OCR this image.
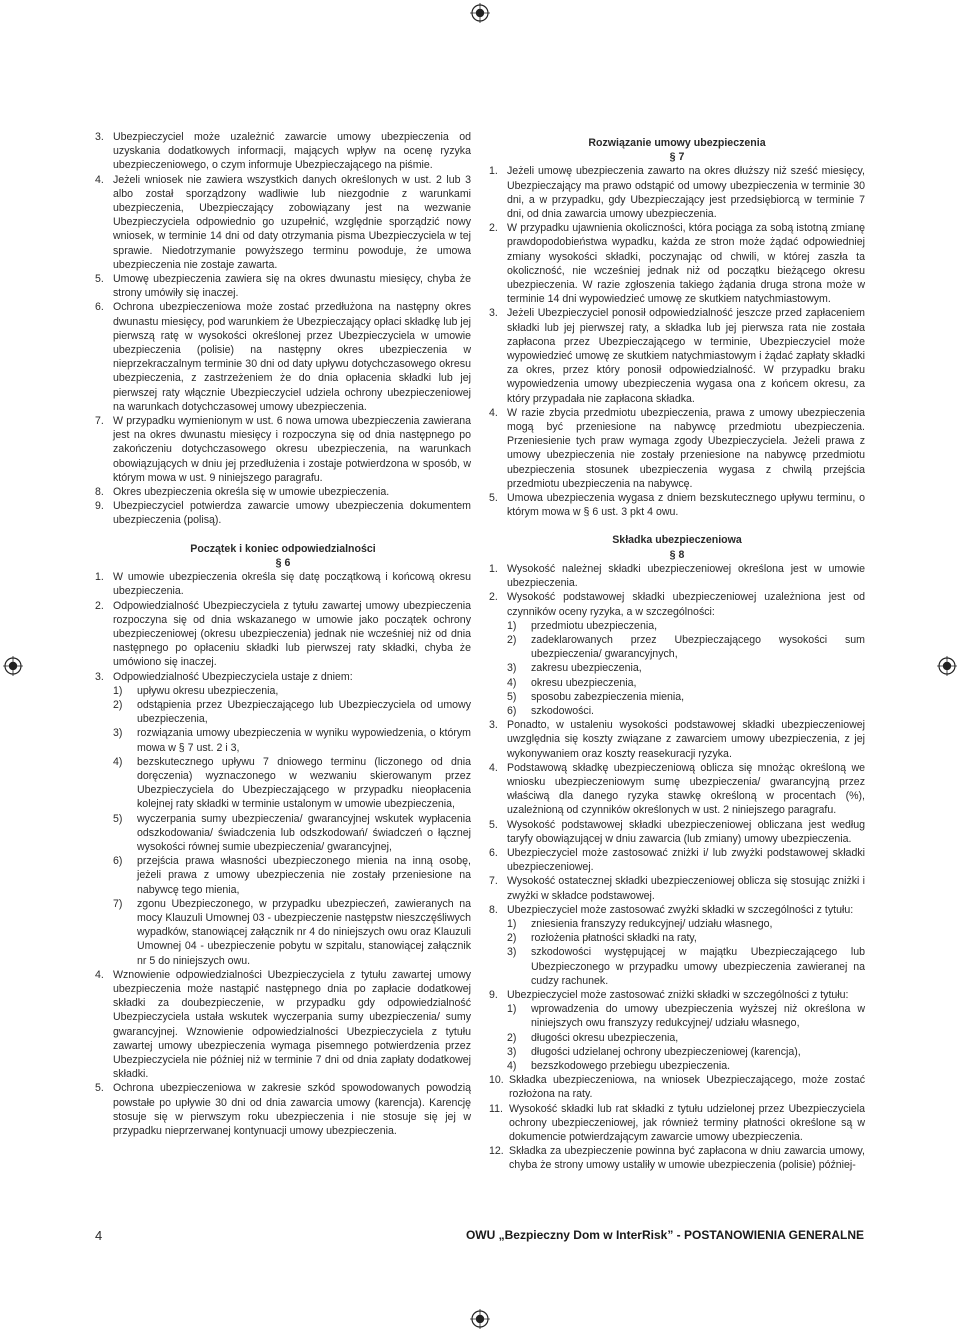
3. Ubezpieczyciel może uzależnić zawarcie umowy ubezpieczenia od uzyskania dodatkowych informacji, mających wpływ na ocenę ryzyka ubezpieczeniowego, o czym informuje Ubezpieczającego na piśmie.
4. Jeżeli wniosek nie zawiera wszystkich danych określonych w ust. 2 lub 3 albo został sporządzony wadliwie lub niezgodnie z warunkami ubezpieczenia, Ubezpieczający zobowiązany jest na wezwanie Ubezpieczyciela odpowiednio go uzupełnić, względnie sporządzić nowy wniosek, w terminie 14 dni od daty otrzymania pisma Ubezpieczyciela w tej sprawie. Niedotrzymanie powyższego terminu powoduje, że umowa ubezpieczenia nie zostaje zawarta.
5. Umowę ubezpieczenia zawiera się na okres dwunastu miesięcy, chyba że strony umówiły się inaczej.
6. Ochrona ubezpieczeniowa może zostać przedłużona na następny okres dwunastu miesięcy, pod warunkiem że Ubezpieczający opłaci składkę lub jej pierwszą ratę w wysokości określonej przez Ubezpieczyciela w umowie ubezpieczenia (polisie) na następny okres ubezpieczenia w nieprzekraczalnym terminie 30 dni od daty upływu dotychczasowego okresu ubezpieczenia, z zastrzeżeniem że do dnia opłacenia składki lub jej pierwszej raty włącznie Ubezpieczyciel udziela ochrony ubezpieczeniowej na warunkach dotychczasowej umowy ubezpieczenia.
7. W przypadku wymienionym w ust. 6 nowa umowa ubezpieczenia zawierana jest na okres dwunastu miesięcy i rozpoczyna się od dnia następnego po zakończeniu dotychczasowego okresu ubezpieczenia, na warunkach obowiązujących w dniu jej przedłużenia i zostaje potwierdzona w sposób, w którym mowa w ust. 9 niniejszego paragrafu.
8. Okres ubezpieczenia określa się w umowie ubezpieczenia.
9. Ubezpieczyciel potwierdza zawarcie umowy ubezpieczenia dokumentem ubezpieczenia (polisą).
Początek i koniec odpowiedzialności
§ 6
1. W umowie ubezpieczenia określa się datę początkową i końcową okresu ubezpieczenia.
2. Odpowiedzialność Ubezpieczyciela z tytułu zawartej umowy ubezpieczenia rozpoczyna się od dnia wskazanego w umowie jako początek ochrony ubezpieczeniowej (okresu ubezpieczenia) jednak nie wcześniej niż od dnia następnego po opłaceniu składki lub pierwszej raty składki, chyba że umówiono się inaczej.
3. Odpowiedzialność Ubezpieczyciela ustaje z dniem:
1)	upływu okresu ubezpieczenia,
2)	odstąpienia przez Ubezpieczającego lub Ubezpieczyciela od umowy ubezpieczenia,
3)	rozwiązania umowy ubezpieczenia w wyniku wypowiedzenia, o którym mowa w § 7 ust. 2 i 3,
4)	bezskutecznego upływu 7 dniowego terminu (liczonego od dnia doręczenia) wyznaczonego w wezwaniu skierowanym przez Ubezpieczyciela do Ubezpieczającego w przypadku nieopłacenia kolejnej raty składki w terminie ustalonym w umowie ubezpieczenia,
5)	wyczerpania sumy ubezpieczenia/ gwarancyjnej wskutek wypłacenia odszkodowania/ świadczenia lub odszkodowań/ świadczeń o łącznej wysokości równej sumie ubezpieczenia/ gwarancyjnej,
6)	przejścia prawa własności ubezpieczonego mienia na inną osobę, jeżeli prawa z umowy ubezpieczenia nie zostały przeniesione na nabywcę tego mienia,
7)	zgonu Ubezpieczonego, w przypadku ubezpieczeń, zawieranych na mocy Klauzuli Umownej 03 - ubezpieczenie następstw nieszczęśliwych wypadków, stanowiącej załącznik nr 4 do niniejszych owu oraz Klauzuli Umownej 04 - ubezpieczenie pobytu w szpitalu, stanowiącej załącznik nr 5 do niniejszych owu.
4. Wznowienie odpowiedzialności Ubezpieczyciela z tytułu zawartej umowy ubezpieczenia może nastąpić następnego dnia po zapłacie dodatkowej składki za doubezpieczenie, w przypadku gdy odpowiedzialność Ubezpieczyciela ustała wskutek wyczerpania sumy ubezpieczenia/ sumy gwarancyjnej. Wznowienie odpowiedzialności Ubezpieczyciela z tytułu zawartej umowy ubezpieczenia wymaga pisemnego potwierdzenia przez Ubezpieczyciela nie później niż w terminie 7 dni od dnia zapłaty dodatkowej składki.
5. Ochrona ubezpieczeniowa w zakresie szkód spowodowanych powodzią powstałe po upływie 30 dni od dnia zawarcia umowy (karencja). Karencję stosuje się w pierwszym roku ubezpieczenia i nie stosuje się jej w przypadku nieprzerwanej kontynuacji umowy ubezpieczenia.
Rozwiązanie umowy ubezpieczenia
§ 7
1. Jeżeli umowę ubezpieczenia zawarto na okres dłuższy niż sześć miesięcy, Ubezpieczający ma prawo odstąpić od umowy ubezpieczenia w terminie 30 dni, a w przypadku, gdy Ubezpieczający jest przedsiębiorcą w terminie 7 dni, od dnia zawarcia umowy ubezpieczenia.
2. W przypadku ujawnienia okoliczności, która pociąga za sobą istotną zmianę prawdopodobieństwa wypadku, każda ze stron może żądać odpowiedniej zmiany wysokości składki, poczynając od chwili, w której zaszła ta okoliczność, nie wcześniej jednak niż od początku bieżącego okresu ubezpieczenia. W razie zgłoszenia takiego żądania druga strona może w terminie 14 dni wypowiedzieć umowę ze skutkiem natychmiastowym.
3. Jeżeli Ubezpieczyciel ponosił odpowiedzialność jeszcze przed zapłaceniem składki lub jej pierwszej raty, a składka lub jej pierwsza rata nie została zapłacona przez Ubezpieczającego w terminie, Ubezpieczyciel może wypowiedzieć umowę ze skutkiem natychmiastowym i żądać zapłaty składki za okres, przez który ponosił odpowiedzialność. W przypadku braku wypowiedzenia umowy ubezpieczenia wygasa ona z końcem okresu, za który przypadała nie zapłacona składka.
4. W razie zbycia przedmiotu ubezpieczenia, prawa z umowy ubezpieczenia mogą być przeniesione na nabywcę przedmiotu ubezpieczenia. Przeniesienie tych praw wymaga zgody Ubezpieczyciela. Jeżeli prawa z umowy ubezpieczenia nie zostały przeniesione na nabywcę przedmiotu ubezpieczenia stosunek ubezpieczenia wygasa z chwilą przejścia przedmiotu ubezpieczenia na nabywcę.
5. Umowa ubezpieczenia wygasa z dniem bezskutecznego upływu terminu, o którym mowa w § 6 ust. 3 pkt 4 owu.
Składka ubezpieczeniowa
§ 8
1. Wysokość należnej składki ubezpieczeniowej określona jest w umowie ubezpieczenia.
2. Wysokość podstawowej składki ubezpieczeniowej uzależniona jest od czynników oceny ryzyka, a w szczególności:
1)	przedmiotu ubezpieczenia,
2)	zadeklarowanych przez Ubezpieczającego wysokości sum ubezpieczenia/ gwarancyjnych,
3)	zakresu ubezpieczenia,
4)	okresu ubezpieczenia,
5)	sposobu zabezpieczenia mienia,
6)	szkodowości.
3. Ponadto, w ustaleniu wysokości podstawowej składki ubezpieczeniowej uwzględnia się koszty związane z zawarciem umowy ubezpieczenia, z jej wykonywaniem oraz koszty reasekuracji ryzyka.
4. Podstawową składkę ubezpieczeniową oblicza się mnożąc określoną we wniosku ubezpieczeniowym sumę ubezpieczenia/ gwarancyjną przez właściwą dla danego ryzyka stawkę określoną w procentach (%), uzależnioną od czynników określonych w ust. 2 niniejszego paragrafu.
5. Wysokość podstawowej składki ubezpieczeniowej obliczana jest według taryfy obowiązującej w dniu zawarcia (lub zmiany) umowy ubezpieczenia.
6. Ubezpieczyciel może zastosować zniżki i/ lub zwyżki podstawowej składki ubezpieczeniowej.
7. Wysokość ostatecznej składki ubezpieczeniowej oblicza się stosując zniżki i zwyżki w składce podstawowej.
8. Ubezpieczyciel może zastosować zwyżki składki w szczególności z tytułu:
1)	zniesienia franszyzy redukcyjnej/ udziału własnego,
2)	rozłożenia płatności składki na raty,
3)	szkodowości występującej w majątku Ubezpieczającego lub Ubezpieczonego w przypadku umowy ubezpieczenia zawieranej na cudzy rachunek.
9. Ubezpieczyciel może zastosować zniżki składki w szczególności z tytułu:
1)	wprowadzenia do umowy ubezpieczenia wyższej niż określona w niniejszych owu franszyzy redukcyjnej/ udziału własnego,
2)	długości okresu ubezpieczenia,
3)	długości udzielanej ochrony ubezpieczeniowej (karencja),
4)	bezszkodowego przebiegu ubezpieczenia.
10. Składka ubezpieczeniowa, na wniosek Ubezpieczającego, może zostać rozłożona na raty.
11. Wysokość składki lub rat składki z tytułu udzielonej przez Ubezpieczyciela ochrony ubezpieczeniowej, jak również terminy płatności określone są w dokumencie potwierdzającym zawarcie umowy ubezpieczenia.
12. Składka za ubezpieczenie powinna być zapłacona w dniu zawarcia umowy, chyba że strony umowy ustaliły w umowie ubezpieczenia (polisie) później-
4	OWU „Bezpieczny Dom w InterRisk” - POSTANOWIENIA GENERALNE
